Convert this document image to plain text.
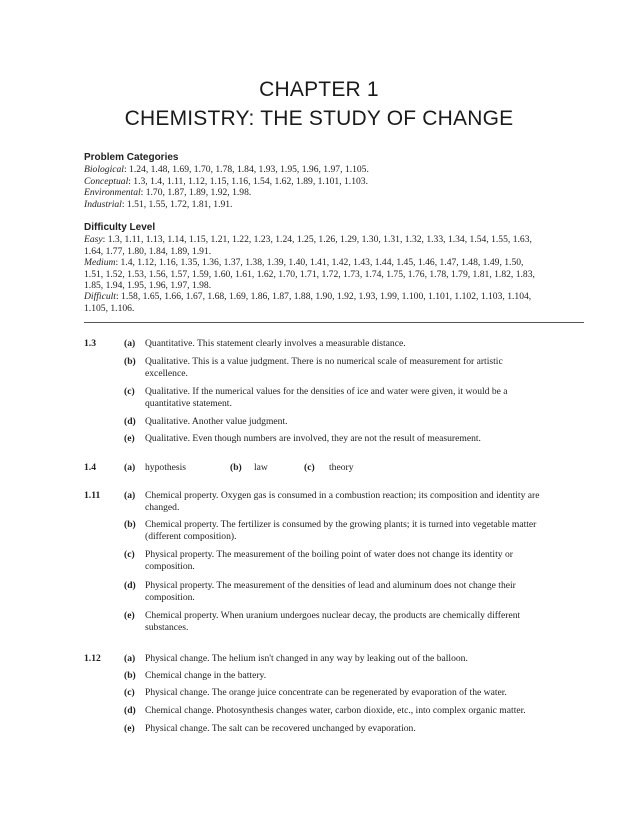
CHAPTER 1
CHEMISTRY: THE STUDY OF CHANGE
Problem Categories
Biological: 1.24, 1.48, 1.69, 1.70, 1.78, 1.84, 1.93, 1.95, 1.96, 1.97, 1.105.
Conceptual: 1.3, 1.4, 1.11, 1.12, 1.15, 1.16, 1.54, 1.62, 1.89, 1.101, 1.103.
Environmental: 1.70, 1.87, 1.89, 1.92, 1.98.
Industrial: 1.51, 1.55, 1.72, 1.81, 1.91.
Difficulty Level
Easy: 1.3, 1.11, 1.13, 1.14, 1.15, 1.21, 1.22, 1.23, 1.24, 1.25, 1.26, 1.29, 1.30, 1.31, 1.32, 1.33, 1.34, 1.54, 1.55, 1.63,
1.64, 1.77, 1.80, 1.84, 1.89, 1.91.
Medium: 1.4, 1.12, 1.16, 1.35, 1.36, 1.37, 1.38, 1.39, 1.40, 1.41, 1.42, 1.43, 1.44, 1.45, 1.46, 1.47, 1.48, 1.49, 1.50,
1.51, 1.52, 1.53, 1.56, 1.57, 1.59, 1.60, 1.61, 1.62, 1.70, 1.71, 1.72, 1.73, 1.74, 1.75, 1.76, 1.78, 1.79, 1.81, 1.82, 1.83,
1.85, 1.94, 1.95, 1.96, 1.97, 1.98.
Difficult: 1.58, 1.65, 1.66, 1.67, 1.68, 1.69, 1.86, 1.87, 1.88, 1.90, 1.92, 1.93, 1.99, 1.100, 1.101, 1.102, 1.103, 1.104,
1.105, 1.106.
1.3	(a) Quantitative. This statement clearly involves a measurable distance.
(b) Qualitative. This is a value judgment. There is no numerical scale of measurement for artistic
excellence.
(c) Qualitative. If the numerical values for the densities of ice and water were given, it would be a
quantitative statement.
(d) Qualitative. Another value judgment.
(e) Qualitative. Even though numbers are involved, they are not the result of measurement.
1.4	(a) hypothesis	(b) law	(c) theory
1.11 (a) Chemical property. Oxygen gas is consumed in a combustion reaction; its composition and identity are
changed.
(b) Chemical property. The fertilizer is consumed by the growing plants; it is turned into vegetable matter
(different composition).
(c) Physical property. The measurement of the boiling point of water does not change its identity or
composition.
(d) Physical property. The measurement of the densities of lead and aluminum does not change their
composition.
(e) Chemical property. When uranium undergoes nuclear decay, the products are chemically different
substances.
1.12 (a) Physical change. The helium isn't changed in any way by leaking out of the balloon.
(b) Chemical change in the battery.
(c) Physical change. The orange juice concentrate can be regenerated by evaporation of the water.
(d) Chemical change. Photosynthesis changes water, carbon dioxide, etc., into complex organic matter.
(e) Physical change. The salt can be recovered unchanged by evaporation.
